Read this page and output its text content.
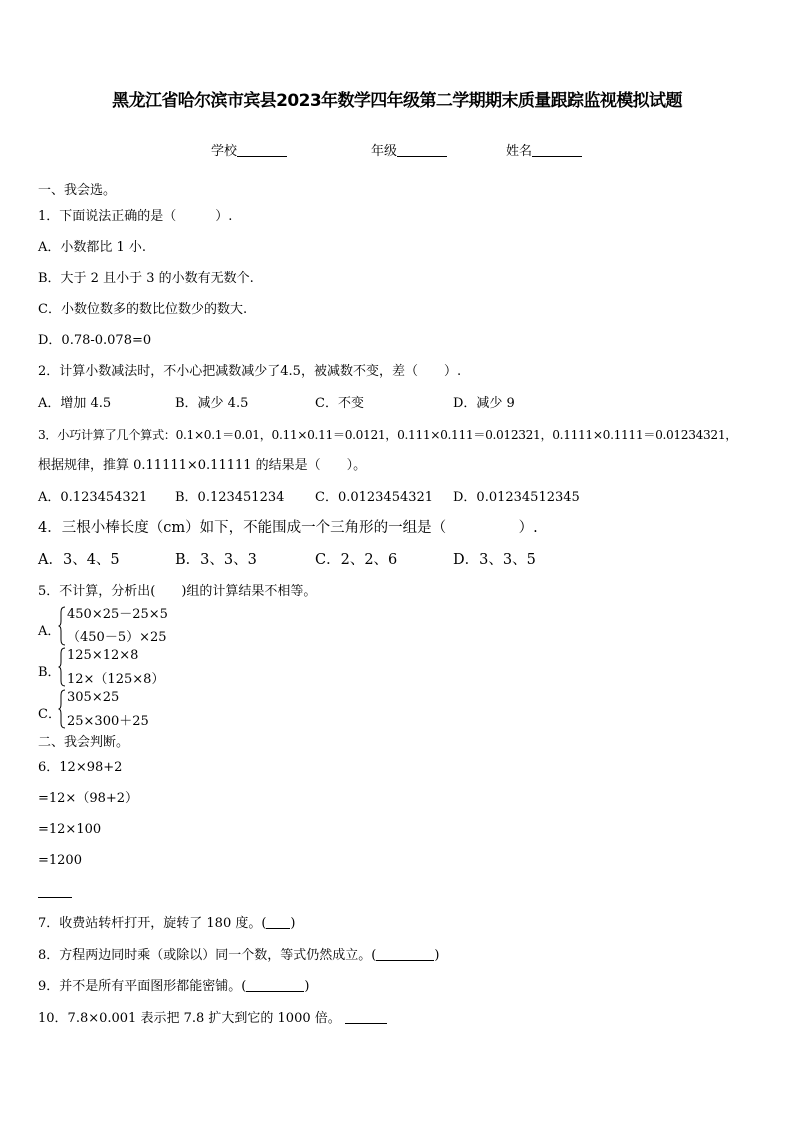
黑龙江省哈尔滨市宾县2023年数学四年级第二学期期末质量跟踪监视模拟试题
学校	年级	姓名
一、我会选。
1．下面说法正确的是（　　　）.
A．小数都比 1 小.
B．大于 2 且小于 3 的小数有无数个.
C．小数位数多的数比位数少的数大.
D．0.78-0.078=0
2．计算小数减法时，不小心把减数减少了4.5，被减数不变，差（　　）.
A．增加 4.5	B．减少 4.5	C．不变	D．减少 9
3．小巧计算了几个算式：0.1×0.1＝0.01，0.11×0.11＝0.0121，0.111×0.111＝0.012321，0.1111×0.1111＝0.01234321，
根据规律，推算 0.11111×0.11111 的结果是（　　）。
A．0.123454321 B．0.123451234 C．0.0123454321 D．0.01234512345
4．三根小棒长度（cm）如下，不能围成一个三角形的一组是（　　　　　）.
A．3、4、5	B．3、3、3	C．2、2、6	D．3、3、5
5．不计算，分析出(　　)组的计算结果不相等。
A．
450×25－25×5
（450－5）×25
B．
125×12×8
12×（125×8）
C．
305×25
25×300＋25
二、我会判断。
6．12×98+2
=12×（98+2）
=12×100
=1200
7．收费站转杆打开，旋转了 180 度。( )
8．方程两边同时乘（或除以）同一个数，等式仍然成立。(	)
9．并不是所有平面图形都能密铺。(	)
10．7.8×0.001 表示把 7.8 扩大到它的 1000 倍。
